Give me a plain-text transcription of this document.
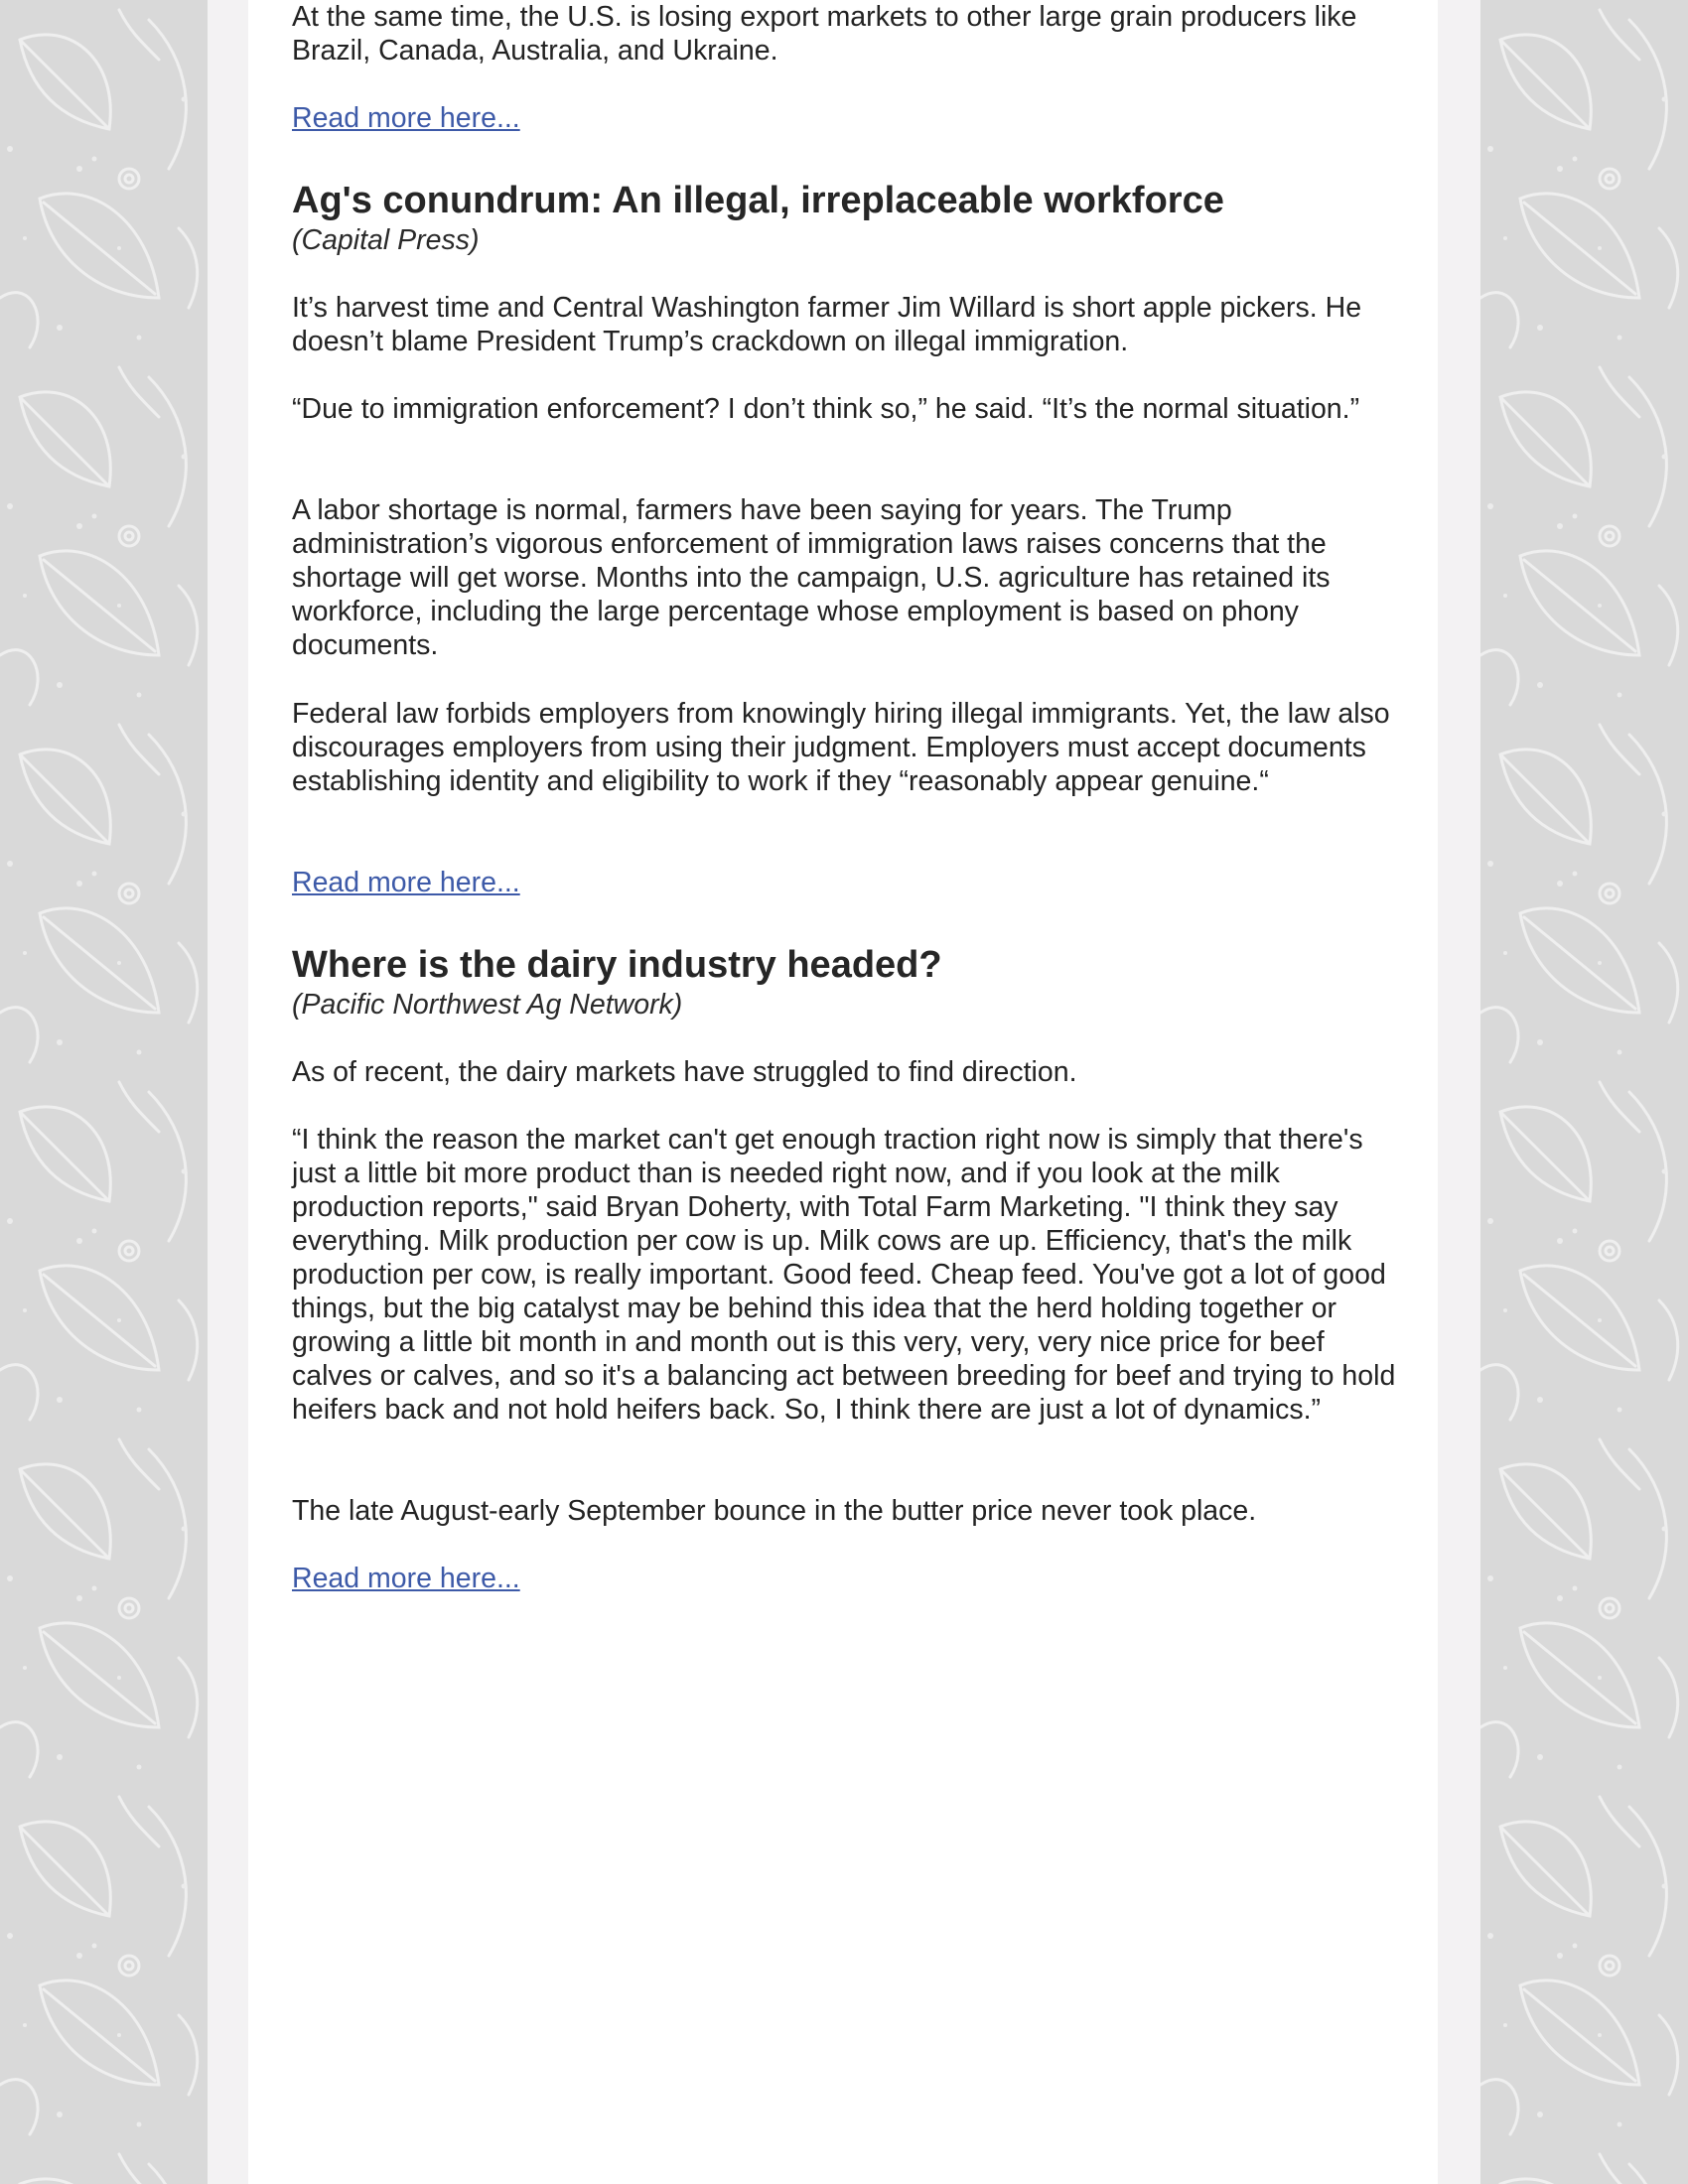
At the same time, the U.S. is losing export markets to other large grain producers like Brazil, Canada, Australia, and Ukraine.

Read more here...
Ag's conundrum: An illegal, irreplaceable workforce

(Capital Press)

It’s harvest time and Central Washington farmer Jim Willard is short apple pickers. He doesn’t blame President Trump’s crackdown on illegal immigration.

“Due to immigration enforcement? I don’t think so,” he said. “It’s the normal situation.”

A labor shortage is normal, farmers have been saying for years. The Trump administration’s vigorous enforcement of immigration laws raises concerns that the shortage will get worse. Months into the campaign, U.S. agriculture has retained its workforce, including the large percentage whose employment is based on phony documents.

Federal law forbids employers from knowingly hiring illegal immigrants. Yet, the law also discourages employers from using their judgment. Employers must accept documents establishing identity and eligibility to work if they “reasonably appear genuine.“

Read more here...
Where is the dairy industry headed?

(Pacific Northwest Ag Network)

As of recent, the dairy markets have struggled to find direction.

“I think the reason the market can't get enough traction right now is simply that there's just a little bit more product than is needed right now, and if you look at the milk production reports," said Bryan Doherty, with Total Farm Marketing. "I think they say everything. Milk production per cow is up. Milk cows are up. Efficiency, that's the milk production per cow, is really important. Good feed. Cheap feed. You've got a lot of good things, but the big catalyst may be behind this idea that the herd holding together or growing a little bit month in and month out is this very, very, very nice price for beef calves or calves, and so it's a balancing act between breeding for beef and trying to hold heifers back and not hold heifers back. So, I think there are just a lot of dynamics.”

The late August-early September bounce in the butter price never took place.

Read more here...
